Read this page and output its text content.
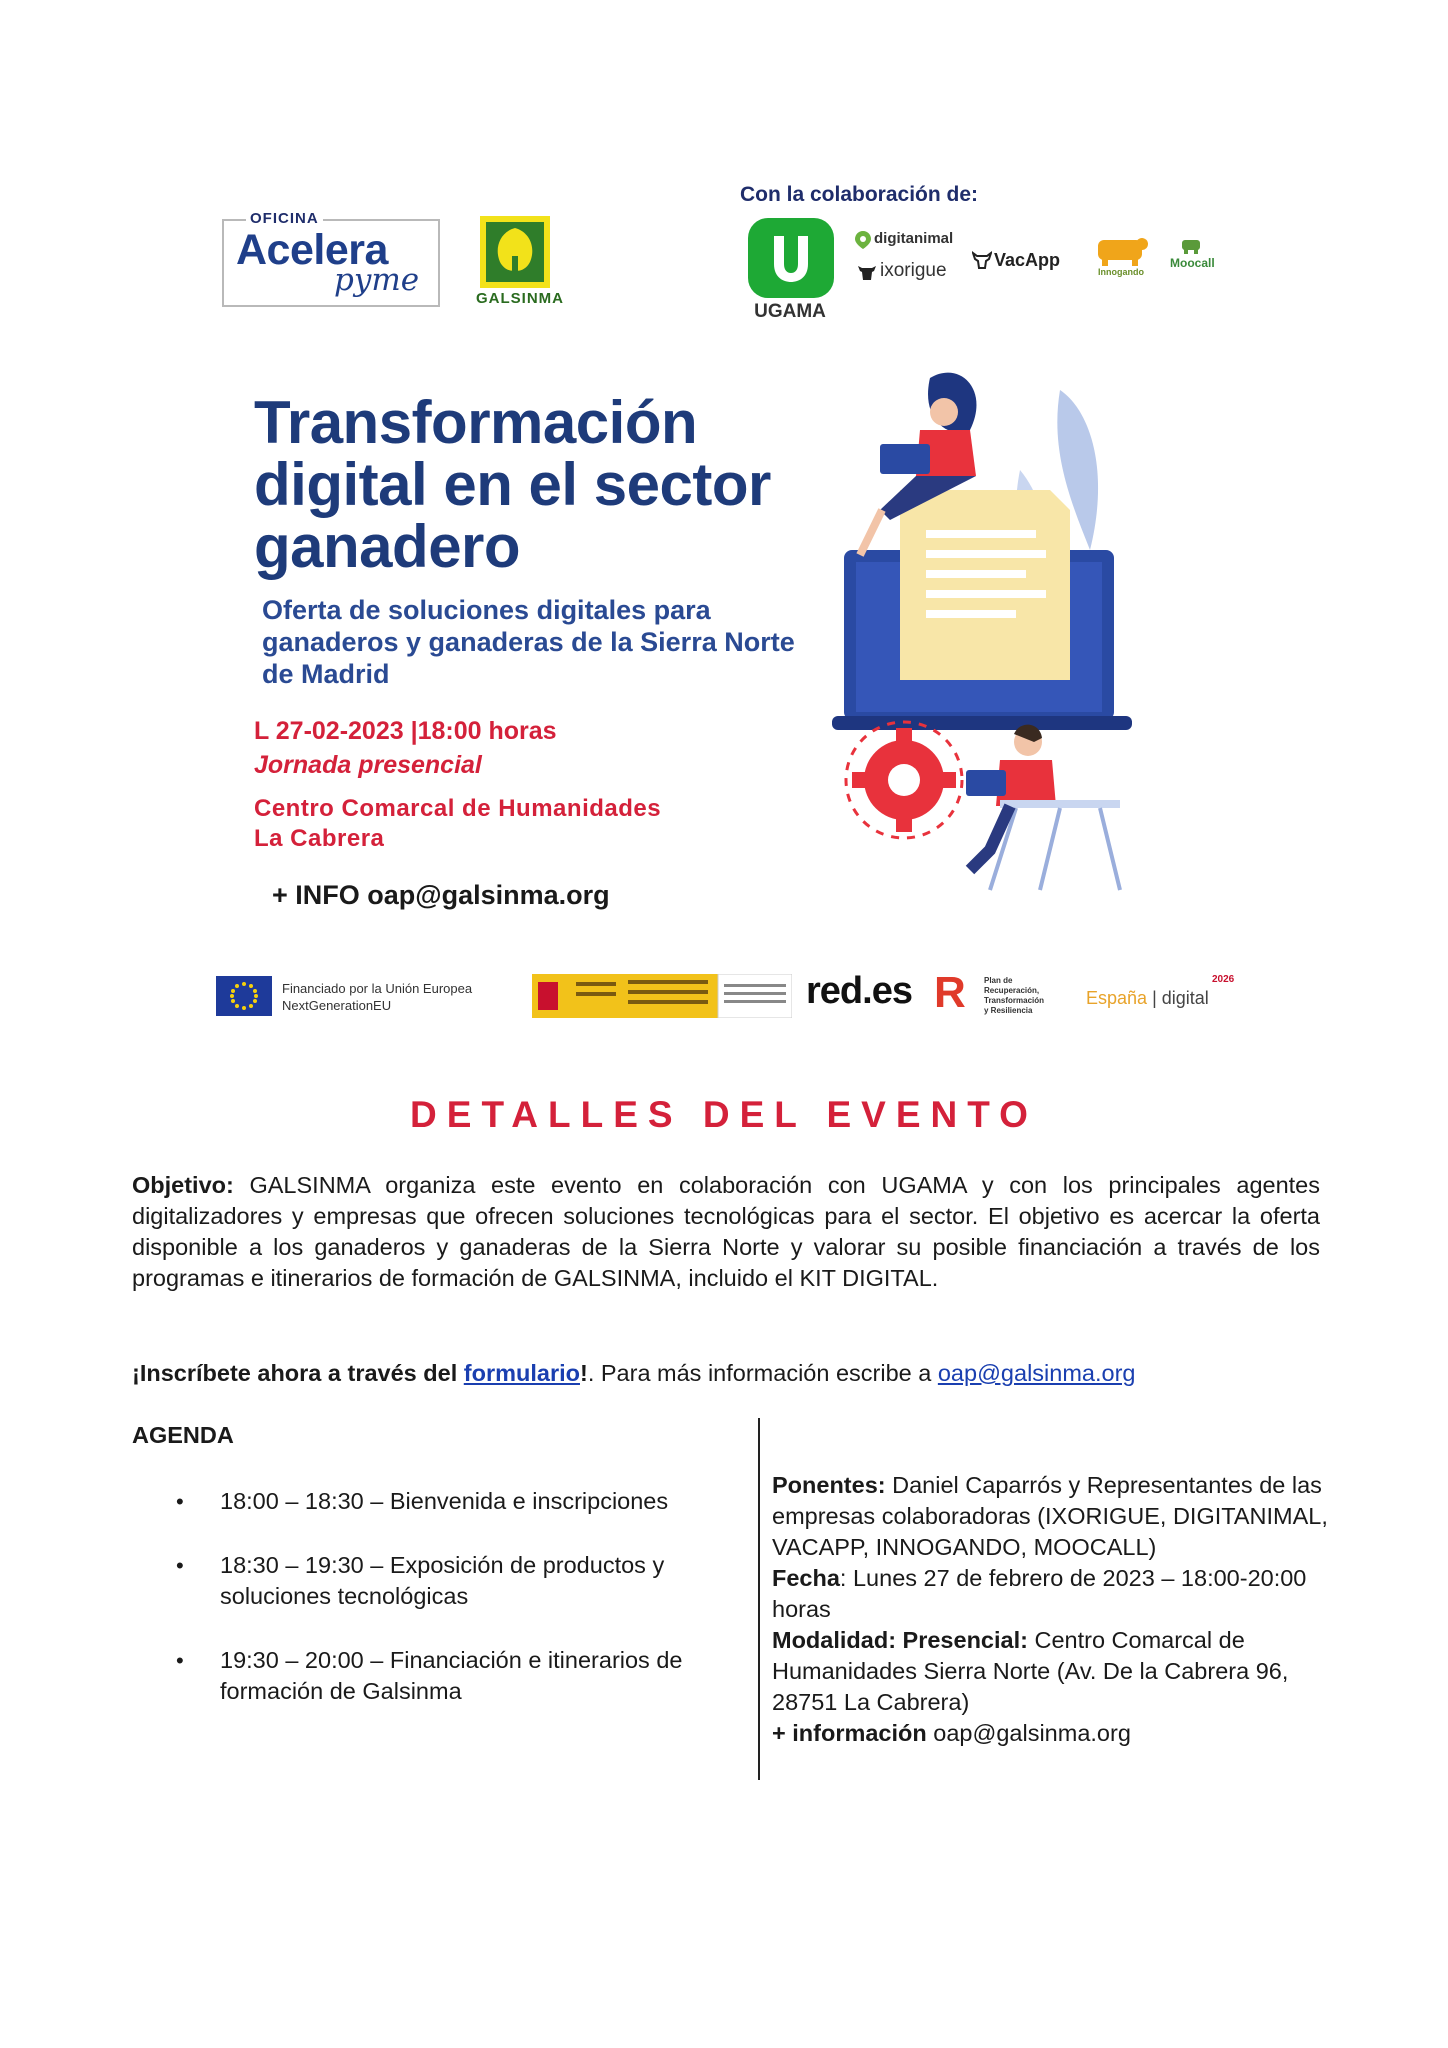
OFICINA
Acelera
pyme
GALSINMA
Con la colaboración de:
UGAMA
digitanimal
ixorigue	VacApp
Innogando
Moocall
Transformación
digital en el sector
ganadero
Oferta de soluciones digitales para ganaderos y ganaderas de la Sierra Norte de Madrid
L 27-02-2023 |18:00 horas
Jornada presencial
Centro Comarcal de Humanidades
La Cabrera
+ INFO oap@galsinma.org
Financiado por la Unión Europea
NextGenerationEU	red.es R Plan de
Recuperación,
Transformación
y Resiliencia
España | digital
2026
DETALLES DEL EVENTO
Objetivo: GALSINMA organiza este evento en colaboración con UGAMA y con los principales agentes digitalizadores y empresas que ofrecen soluciones tecnológicas para el sector. El objetivo es acercar la oferta disponible a los ganaderos y ganaderas de la Sierra Norte y valorar su posible financiación a través de los programas e itinerarios de formación de GALSINMA, incluido el KIT DIGITAL.
¡Inscríbete ahora a través del formulario!. Para más información escribe a oap@galsinma.org
AGENDA
• 18:00 – 18:30 – Bienvenida e inscripciones
• 18:30 – 19:30 – Exposición de productos y soluciones tecnológicas
• 19:30 – 20:00 – Financiación e itinerarios de formación de Galsinma
Ponentes: Daniel Caparrós y Representantes de las empresas colaboradoras (IXORIGUE, DIGITANIMAL, VACAPP, INNOGANDO, MOOCALL)
Fecha: Lunes 27 de febrero de 2023 – 18:00-20:00 horas
Modalidad: Presencial: Centro Comarcal de Humanidades Sierra Norte (Av. De la Cabrera 96, 28751 La Cabrera)
+ información oap@galsinma.org
